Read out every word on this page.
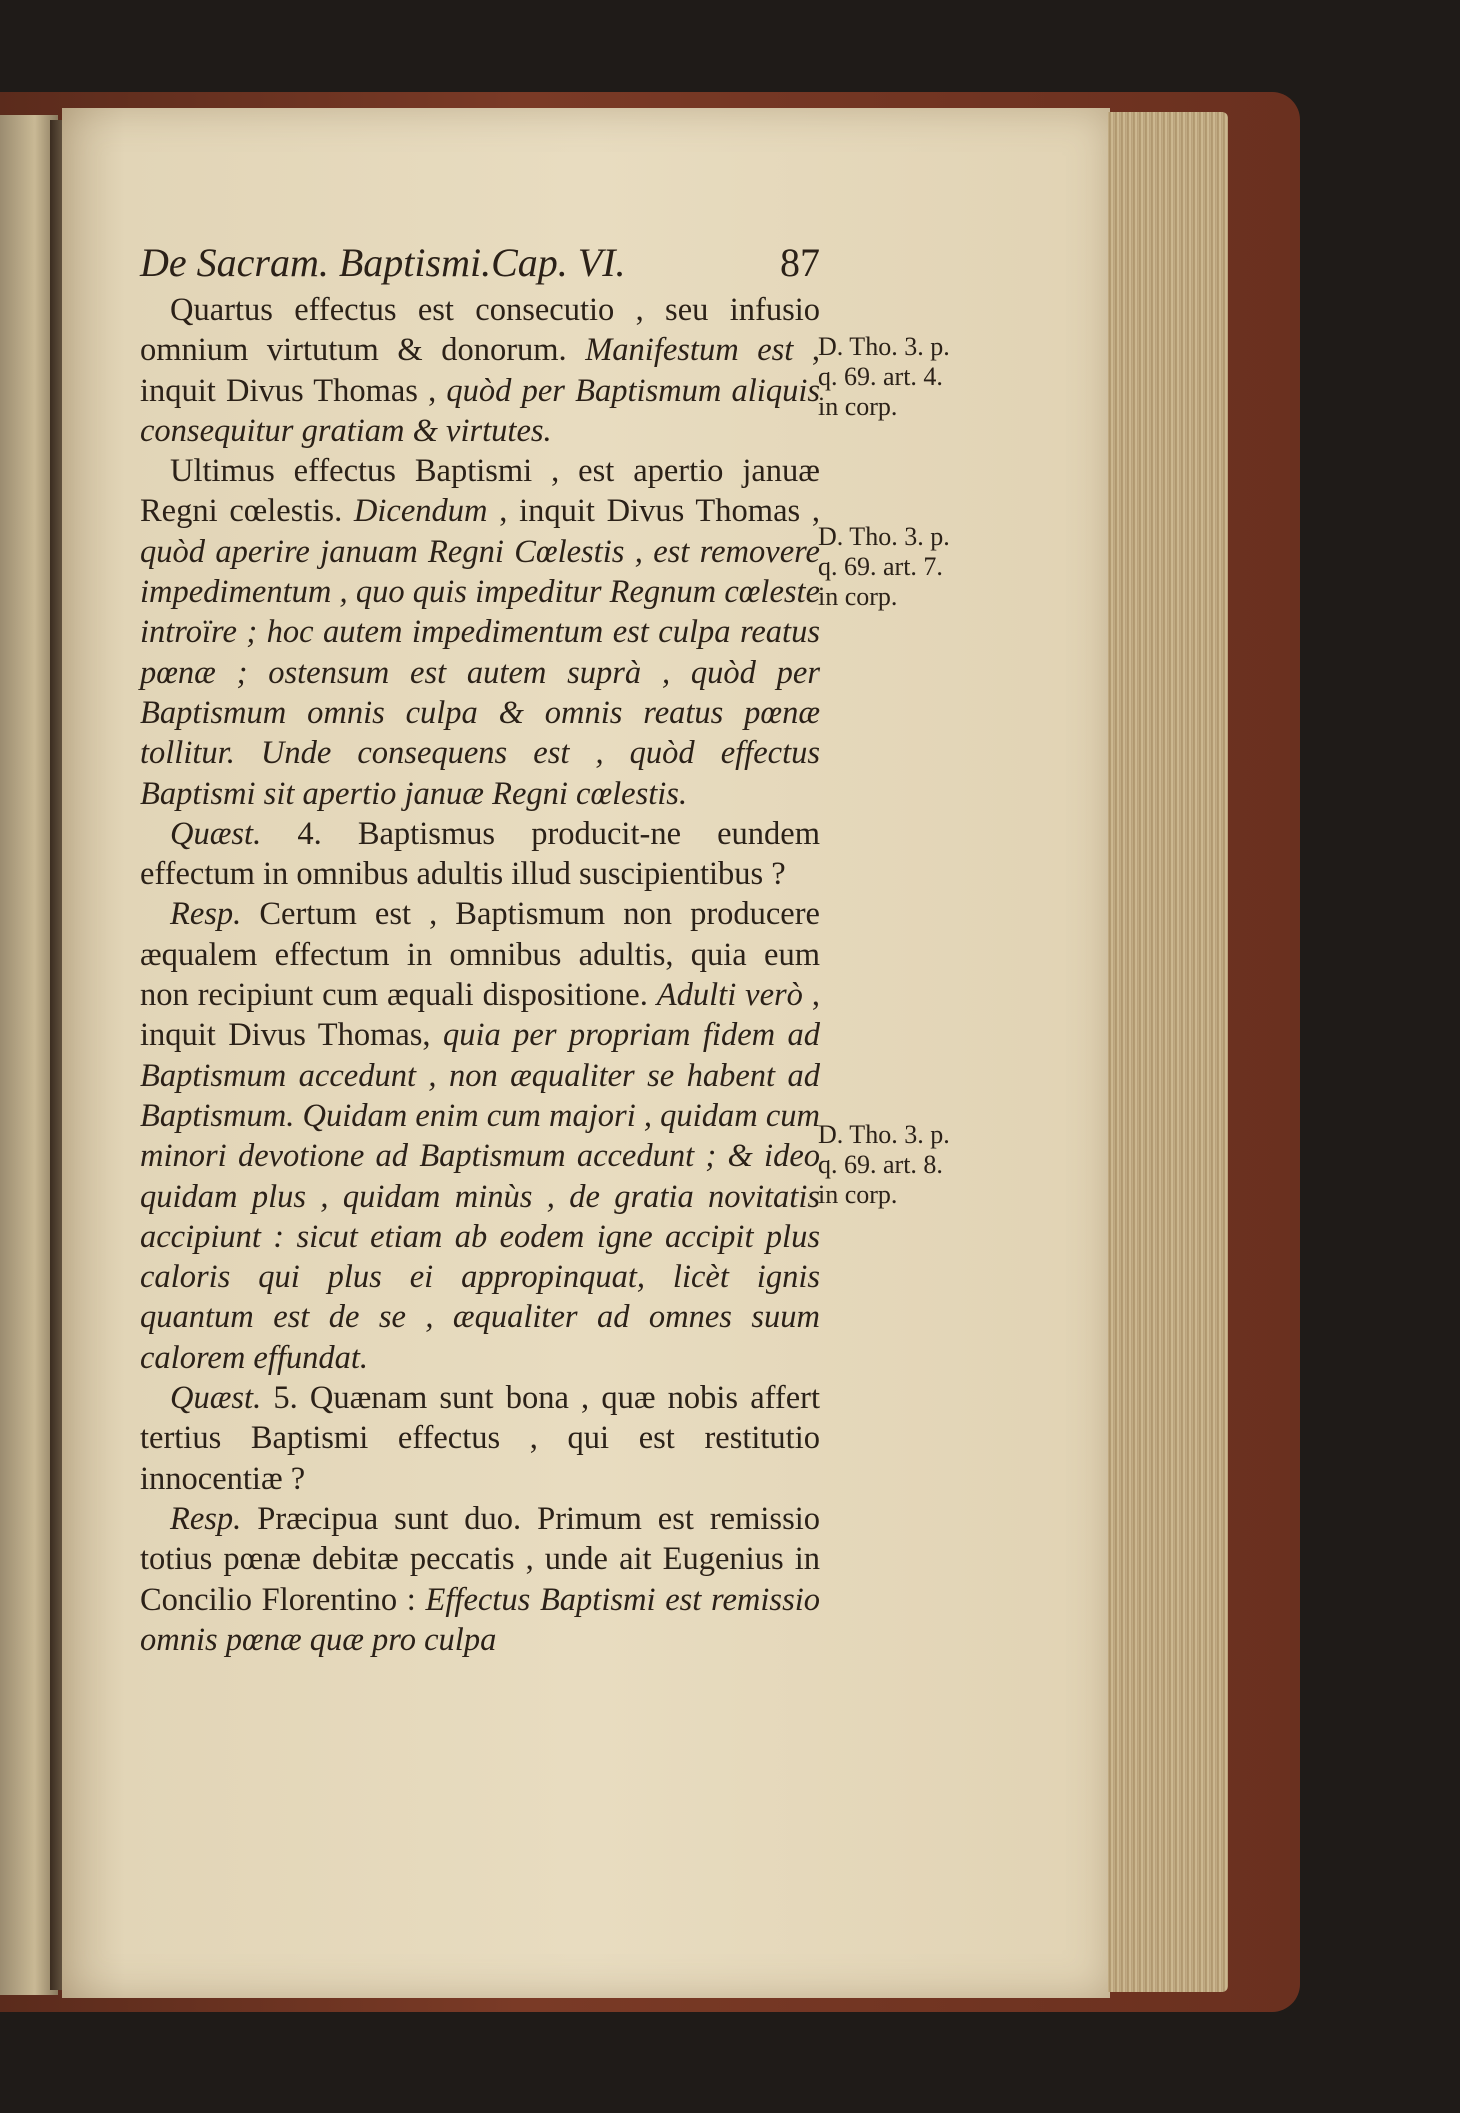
De Sacram. Baptismi.Cap. VI.	87

Quartus effectus est consecutio , seu infusio omnium virtutum & donorum. Manifestum est , inquit Divus Thomas , quòd per Baptismum aliquis consequitur gratiam & virtutes.

Ultimus effectus Baptismi , est apertio januæ Regni cœlestis. Dicendum , inquit Divus Thomas , quòd aperire januam Regni Cœlestis , est removere impedimentum , quo quis impeditur Regnum cœleste introïre ; hoc autem impedimentum est culpa reatus pœnæ ; ostensum est autem suprà , quòd per Baptismum omnis culpa & omnis reatus pœnæ tollitur. Unde consequens est , quòd effectus Baptismi sit apertio januæ Regni cœlestis.

Quæst. 4. Baptismus producit-ne eundem effectum in omnibus adultis illud suscipientibus ?

Resp. Certum est , Baptismum non producere æqualem effectum in omnibus adultis, quia eum non recipiunt cum æquali dispositione. Adulti verò , inquit Divus Thomas, quia per propriam fidem ad Baptismum accedunt , non æqualiter se habent ad Baptismum. Quidam enim cum majori , quidam cum minori devotione ad Baptismum accedunt ; & ideo quidam plus , quidam minùs , de gratia novitatis accipiunt : sicut etiam ab eodem igne accipit plus caloris qui plus ei appropinquat, licèt ignis quantum est de se , æqualiter ad omnes suum calorem effundat.

Quæst. 5. Quænam sunt bona , quæ nobis affert tertius Baptismi effectus , qui est restitutio innocentiæ ?

Resp. Præcipua sunt duo. Primum est remissio totius pœnæ debitæ peccatis , unde ait Eugenius in Concilio Florentino : Effectus Baptismi est remissio omnis pœnæ quæ pro culpa

D. Tho. 3. p.

q. 69. art. 4.

in corp.

D. Tho. 3. p.

q. 69. art. 7.

in corp.

D. Tho. 3. p.

q. 69. art. 8.

in corp.
